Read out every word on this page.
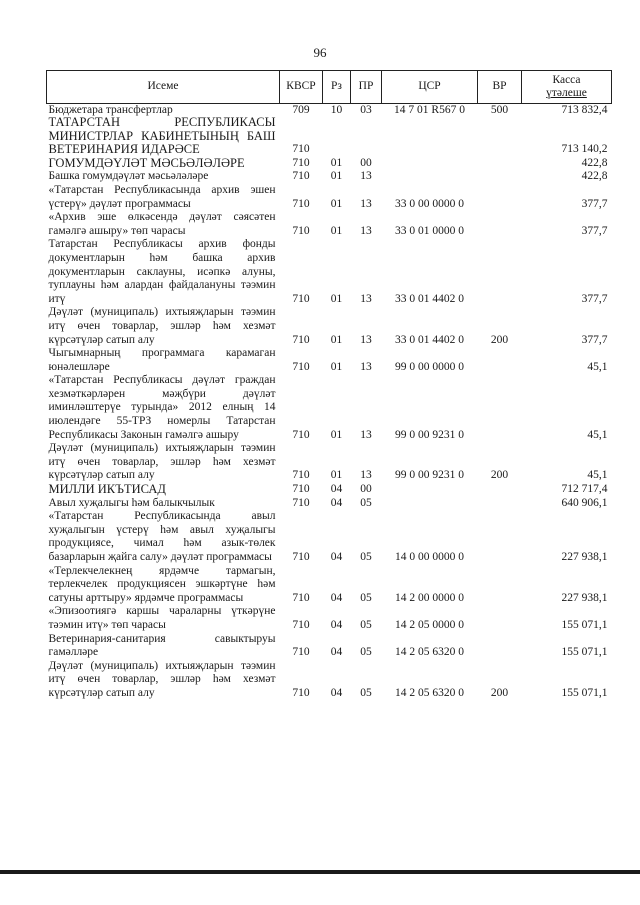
96
Исеме	КВСР	Рз	ПР	ЦСР	ВР	Касса
үтәлеше

Бюджетара трансфертлар	709	10	03	14 7 01 R567 0	500	713 832,4
ТАТАРСТАН РЕСПУБЛИКАСЫ МИНИСТРЛАР КАБИНЕТЫНЫҢ БАШ ВЕТЕРИНАРИЯ ИДАРӘСЕ	710					713 140,2
ГОМУМДӘҮЛӘТ МӘСЬӘЛӘЛӘРЕ	710	01	00			422,8
Башка гомумдәүләт мәсьәләләре	710	01	13			422,8
«Татарстан Республикасында архив эшен үстерү» дәүләт программасы	710	01	13	33 0 00 0000 0		377,7
«Архив эше өлкәсендә дәүләт сәясәтен гамәлгә ашыру» төп чарасы	710	01	13	33 0 01 0000 0		377,7
Татарстан Республикасы архив фонды документларын һәм башка архив документларын саклауны, исәпкә алуны, туплауны һәм алардан файдалануны тәэмин итү	710	01	13	33 0 01 4402 0		377,7
Дәүләт (муниципаль) ихтыяҗларын тәэмин итү өчен товарлар, эшләр һәм хезмәт күрсәтүләр сатып алу	710	01	13	33 0 01 4402 0	200	377,7
Чыгымнарның программага карамаган юнәлешләре	710	01	13	99 0 00 0000 0		45,1
«Татарстан Республикасы дәүләт граждан хезмәткәрләрен мәҗбүри дәүләт иминләштерүе турында» 2012 елның 14 июлендәге 55-ТРЗ номерлы Татарстан Республикасы Законын гамәлгә ашыру	710	01	13	99 0 00 9231 0		45,1
Дәүләт (муниципаль) ихтыяҗларын тәэмин итү өчен товарлар, эшләр һәм хезмәт күрсәтүләр сатып алу	710	01	13	99 0 00 9231 0	200	45,1
МИЛЛИ ИКЪТИСАД	710	04	00			712 717,4
Авыл хуҗалыгы һәм балыкчылык	710	04	05			640 906,1
«Татарстан Республикасында авыл хуҗалыгын үстерү һәм авыл хуҗалыгы продукциясе, чимал һәм азык-төлек базарларын җайга салу» дәүләт программасы	710	04	05	14 0 00 0000 0		227 938,1
«Терлекчелекнең ярдәмче тармагын, терлекчелек продукциясен эшкәртүне һәм сатуны арттыру» ярдәмче программасы	710	04	05	14 2 00 0000 0		227 938,1
«Эпизоотиягә каршы чараларны үткәрүне тәэмин итү» төп чарасы	710	04	05	14 2 05 0000 0		155 071,1
Ветеринария-санитария савыктыруы гамәлләре	710	04	05	14 2 05 6320 0		155 071,1
Дәүләт (муниципаль) ихтыяҗларын тәэмин итү өчен товарлар, эшләр һәм хезмәт күрсәтүләр сатып алу	710	04	05	14 2 05 6320 0	200	155 071,1
